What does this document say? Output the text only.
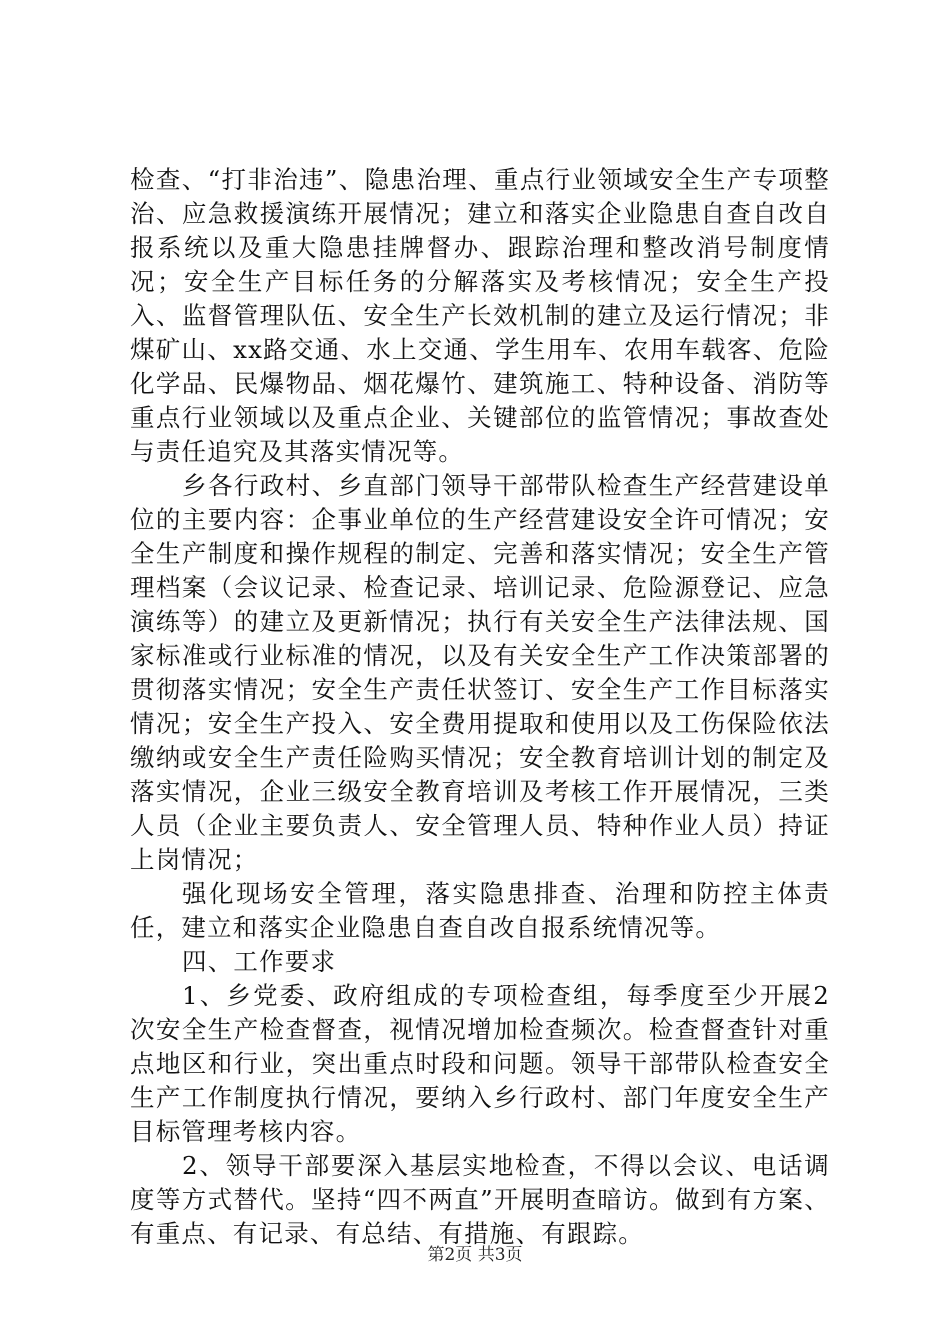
检查、“打非治违”、隐患治理、重点行业领域安全生产专项整治、应急救援演练开展情况；建立和落实企业隐患自查自改自报系统以及重大隐患挂牌督办、跟踪治理和整改消号制度情况；安全生产目标任务的分解落实及考核情况；安全生产投入、监督管理队伍、安全生产长效机制的建立及运行情况；非煤矿山、xx路交通、水上交通、学生用车、农用车载客、危险化学品、民爆物品、烟花爆竹、建筑施工、特种设备、消防等重点行业领域以及重点企业、关键部位的监管情况；事故查处与责任追究及其落实情况等。

乡各行政村、乡直部门领导干部带队检查生产经营建设单位的主要内容：企事业单位的生产经营建设安全许可情况；安全生产制度和操作规程的制定、完善和落实情况；安全生产管理档案（会议记录、检查记录、培训记录、危险源登记、应急演练等）的建立及更新情况；执行有关安全生产法律法规、国家标准或行业标准的情况，以及有关安全生产工作决策部署的贯彻落实情况；安全生产责任状签订、安全生产工作目标落实情况；安全生产投入、安全费用提取和使用以及工伤保险依法缴纳或安全生产责任险购买情况；安全教育培训计划的制定及落实情况，企业三级安全教育培训及考核工作开展情况，三类人员（企业主要负责人、安全管理人员、特种作业人员）持证上岗情况；

强化现场安全管理，落实隐患排查、治理和防控主体责任，建立和落实企业隐患自查自改自报系统情况等。

四、工作要求

1、乡党委、政府组成的专项检查组，每季度至少开展2次安全生产检查督查，视情况增加检查频次。检查督查针对重点地区和行业，突出重点时段和问题。领导干部带队检查安全生产工作制度执行情况，要纳入乡行政村、部门年度安全生产目标管理考核内容。

2、领导干部要深入基层实地检查，不得以会议、电话调度等方式替代。坚持“四不两直”开展明查暗访。做到有方案、有重点、有记录、有总结、有措施、有跟踪。

第2页 共3页
